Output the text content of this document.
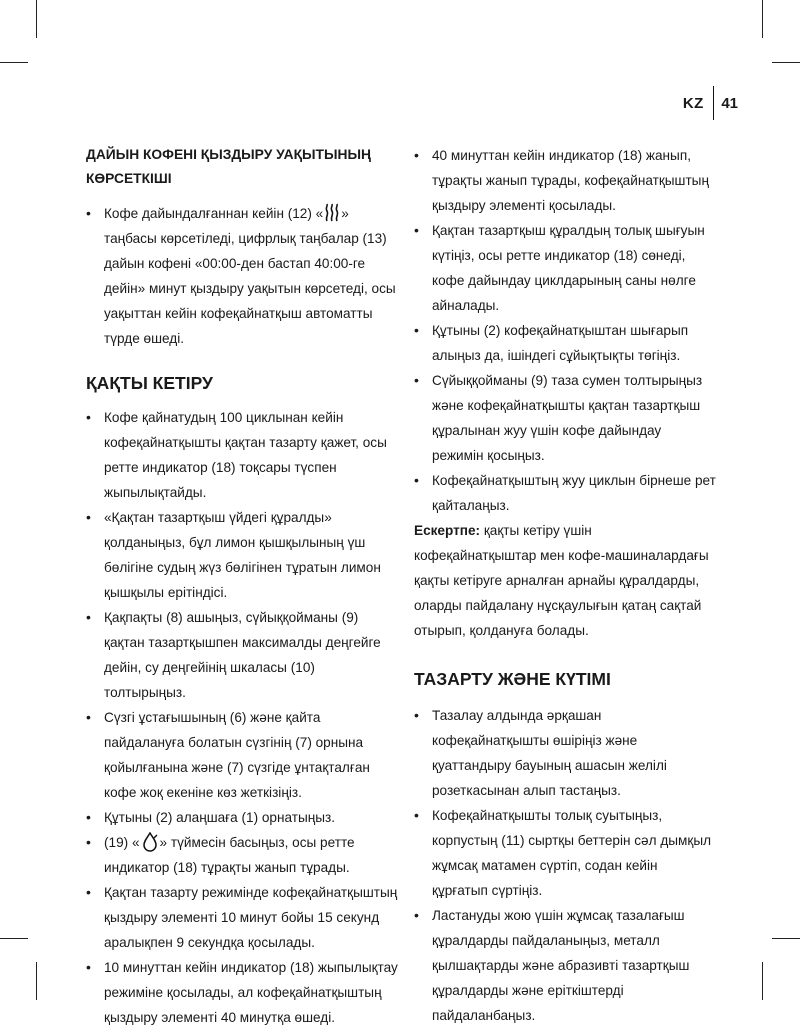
KZ 41
ДАЙЫН КОФЕНІ ҚЫЗДЫРУ УАҚЫТЫНЫҢ КӨРСЕТКІШІ
• Кофе дайындалғаннан кейін (12) « » таңбасы көрсетіледі, цифрлық таңбалар (13) дайын кофені «00:00-ден бастап 40:00-ге дейін» минут қыздыру уақытын көрсетеді, осы уақыттан кейін кофеқайнатқыш автоматты түрде өшеді.
ҚАҚТЫ КЕТІРУ
• Кофе қайнатудың 100 циклынан кейін кофеқайнатқышты қақтан тазарту қажет, осы ретте индикатор (18) тоқсары түспен жыпылықтайды.
• «Қақтан тазартқыш үйдегі құралды» қолданыңыз, бұл лимон қышқылының үш бөлігіне судың жүз бөлігінен тұратын лимон қышқылы ерітіндісі.
• Қақпақты (8) ашыңыз, сүйыққойманы (9) қақтан тазартқышпен максималды деңгейге дейін, су деңгейінің шкаласы (10) толтырыңыз.
• Сүзгі ұстағышының (6) және қайта пайдалануға болатын сүзгінің (7) орнына қойылғанына және (7) сүзгіде ұнтақталған кофе жоқ екеніне көз жеткізіңіз.
• Құтыны (2) алаңшаға (1) орнатыңыз.
• (19) « » түймесін басыңыз, осы ретте индикатор (18) тұрақты жанып тұрады.
• Қақтан тазарту режимінде кофеқайнатқыштың қыздыру элементі 10 минут бойы 15 секунд аралықпен 9 секундқа қосылады.
• 10 минуттан кейін индикатор (18) жыпылықтау режиміне қосылады, ал кофеқайнатқыштың қыздыру элементі 40 минутқа өшеді.
• 40 минуттан кейін индикатор (18) жанып, тұрақты жанып тұрады, кофеқайнатқыштың қыздыру элементі қосылады.
• Қақтан тазартқыш құралдың толық шығуын күтіңіз, осы ретте индикатор (18) сөнеді, кофе дайындау циклдарының саны нөлге айналады.
• Құтыны (2) кофеқайнатқыштан шығарып алыңыз да, ішіндегі сұйықтықты төгіңіз.
• Сүйыққойманы (9) таза сумен толтырыңыз және кофеқайнатқышты қақтан тазартқыш құралынан жуу үшін кофе дайындау режимін қосыңыз.
• Кофеқайнатқыштың жуу циклын бірнеше рет қайталаңыз.
Ескертпе: қақты кетіру үшін кофеқайнатқыштар мен кофе-машиналардағы қақты кетіруге арналған арнайы құралдарды, оларды пайдалану нұсқаулығын қатаң сақтай отырып, қолдануға болады.
ТАЗАРТУ ЖӘНЕ КҮТІМІ
• Тазалау алдында әрқашан кофеқайнатқышты өшіріңіз және қуаттандыру бауының ашасын желілі розеткасынан алып тастаңыз.
• Кофеқайнатқышты толық суытыңыз, корпустың (11) сыртқы беттерін сәл дымқыл жұмсақ матамен сүртіп, содан кейін құрғатып сүртіңіз.
• Ластануды жою үшін жұмсақ тазалағыш құралдарды пайдаланыңыз, металл қылшақтарды және абразивті тазартқыш құралдарды және еріткіштерді пайдаланбаңыз.
